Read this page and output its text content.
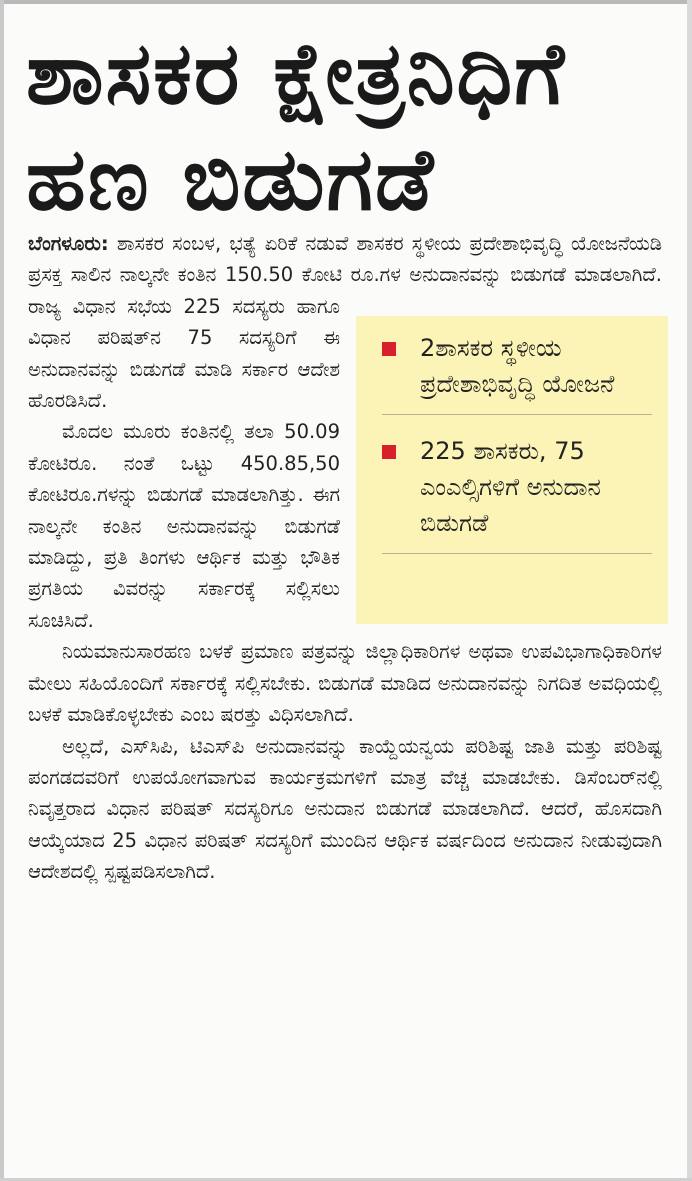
ಶಾಸಕರ ಕ್ಷೇತ್ರನಿಧಿಗೆ
ಹಣ ಬಿಡುಗಡೆ
2ಶಾಸಕರ ಸ್ಥಳೀಯ ಪ್ರದೇಶಾಭಿವೃದ್ಧಿ ಯೋಜನೆ
225 ಶಾಸಕರು, 75 ಎಂಎಲ್ಸಿಗಳಿಗೆ ಅನುದಾನ ಬಿಡುಗಡೆ

ಬೆಂಗಳೂರು: ಶಾಸಕರ ಸಂಬಳ, ಭತ್ಯೆ ಏರಿಕೆ ನಡುವೆ ಶಾಸಕರ ಸ್ಥಳೀಯ ಪ್ರದೇಶಾಭಿವೃದ್ಧಿ ಯೋಜನೆಯಡಿ ಪ್ರಸಕ್ತ ಸಾಲಿನ ನಾಲ್ಕನೇ ಕಂತಿನ 150.50 ಕೋಟಿ ರೂ.ಗಳ ಅನುದಾನವನ್ನು ಬಿಡುಗಡೆ ಮಾಡಲಾಗಿದೆ. ರಾಜ್ಯ ವಿಧಾನ ಸಭೆಯ 225 ಸದಸ್ಯರು ಹಾಗೂ ವಿಧಾನ ಪರಿಷತ್‌ನ 75 ಸದಸ್ಯರಿಗೆ ಈ ಅನುದಾನವನ್ನು ಬಿಡುಗಡೆ ಮಾಡಿ ಸರ್ಕಾರ ಆದೇಶ ಹೊರಡಿಸಿದೆ.

ಮೊದಲ ಮೂರು ಕಂತಿನಲ್ಲಿ ತಲಾ 50.09 ಕೋಟಿರೂ. ನಂತೆ ಒಟ್ಟು 450.85,50 ಕೋಟಿರೂ.ಗಳನ್ನು ಬಿಡುಗಡೆ ಮಾಡಲಾಗಿತ್ತು. ಈಗ ನಾಲ್ಕನೇ ಕಂತಿನ ಅನುದಾನವನ್ನು ಬಿಡುಗಡೆ ಮಾಡಿದ್ದು, ಪ್ರತಿ ತಿಂಗಳು ಆರ್ಥಿಕ ಮತ್ತು ಭೌತಿಕ ಪ್ರಗತಿಯ ವಿವರನ್ನು ಸರ್ಕಾರಕ್ಕೆ ಸಲ್ಲಿಸಲು ಸೂಚಿಸಿದೆ.

ನಿಯಮಾನುಸಾರಹಣ ಬಳಕೆ ಪ್ರಮಾಣ ಪತ್ರವನ್ನು ಜಿಲ್ಲಾಧಿಕಾರಿಗಳ ಅಥವಾ ಉಪವಿಭಾಗಾಧಿಕಾರಿಗಳ ಮೇಲು ಸಹಿಯೊಂದಿಗೆ ಸರ್ಕಾರಕ್ಕೆ ಸಲ್ಲಿಸಬೇಕು. ಬಿಡುಗಡೆ ಮಾಡಿದ ಅನುದಾನವನ್ನು ನಿಗದಿತ ಅವಧಿಯಲ್ಲಿ ಬಳಕೆ ಮಾಡಿಕೊಳ್ಳಬೇಕು ಎಂಬ ಷರತ್ತು ವಿಧಿಸಲಾಗಿದೆ.

ಅಲ್ಲದೆ, ಎಸ್‌ಸಿಪಿ, ಟಿಎಸ್‌ಪಿ ಅನುದಾನವನ್ನು ಕಾಯ್ದೆಯನ್ವಯ ಪರಿಶಿಷ್ಟ ಜಾತಿ ಮತ್ತು ಪರಿಶಿಷ್ಟ ಪಂಗಡದವರಿಗೆ ಉಪಯೋಗವಾಗುವ ಕಾರ್ಯಕ್ರಮಗಳಿಗೆ ಮಾತ್ರ ವೆಚ್ಚ ಮಾಡಬೇಕು. ಡಿಸೆಂಬರ್‌ನಲ್ಲಿ ನಿವೃತ್ತರಾದ ವಿಧಾನ ಪರಿಷತ್ ಸದಸ್ಯರಿಗೂ ಅನುದಾನ ಬಿಡುಗಡೆ ಮಾಡಲಾಗಿದೆ. ಆದರೆ, ಹೊಸದಾಗಿ ಆಯ್ಕೆಯಾದ 25 ವಿಧಾನ ಪರಿಷತ್ ಸದಸ್ಯರಿಗೆ ಮುಂದಿನ ಆರ್ಥಿಕ ವರ್ಷದಿಂದ ಅನುದಾನ ನೀಡುವುದಾಗಿ ಆದೇಶದಲ್ಲಿ ಸ್ಪಷ್ಟಪಡಿಸಲಾಗಿದೆ.
